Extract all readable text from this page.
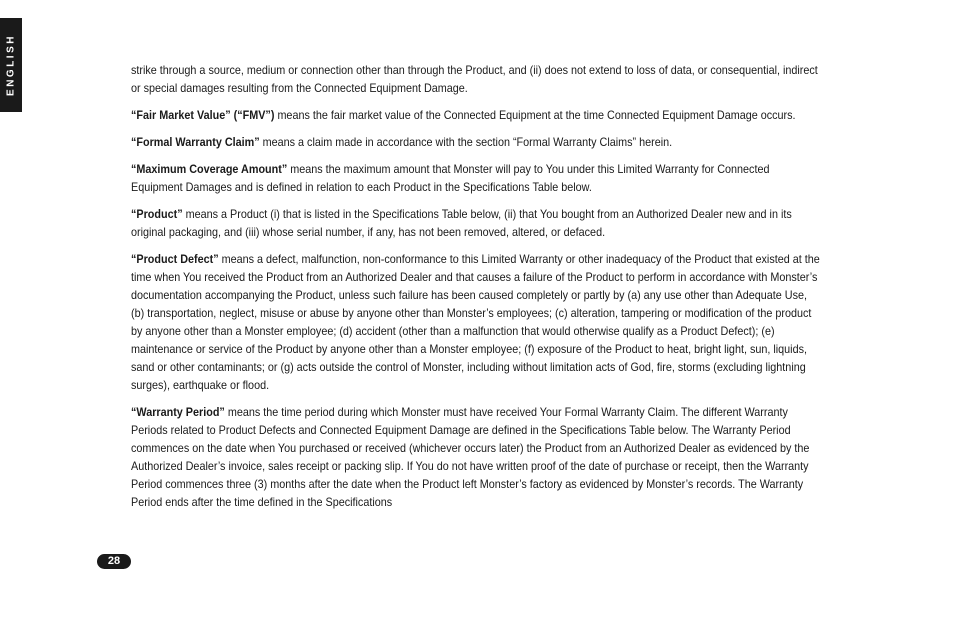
ENGLISH	strike through a source, medium or connection other than through the Product, and (ii) does not extend to loss of data, or consequential, indirect or special damages resulting from the Connected Equipment Damage.

“Fair Market Value” (“FMV”) means the fair market value of the Connected Equipment at the time Connected Equipment Damage occurs.

“Formal Warranty Claim” means a claim made in accordance with the section “Formal Warranty Claims” herein.

“Maximum Coverage Amount” means the maximum amount that Monster will pay to You under this Limited Warranty for Connected Equipment Damages and is defined in relation to each Product in the Specifications Table below.

“Product” means a Product (i) that is listed in the Specifications Table below, (ii) that You bought from an Authorized Dealer new and in its original packaging, and (iii) whose serial number, if any, has not been removed, altered, or defaced.

“Product Defect” means a defect, malfunction, non-conformance to this Limited Warranty or other inadequacy of the Product that existed at the time when You received the Product from an Authorized Dealer and that causes a failure of the Product to perform in accordance with Monster’s documentation accompanying the Product, unless such failure has been caused completely or partly by (a) any use other than Adequate Use, (b) transportation, neglect, misuse or abuse by anyone other than Monster’s employees; (c) alteration, tampering or modification of the product by anyone other than a Monster employee; (d) accident (other than a malfunction that would otherwise qualify as a Product Defect); (e) maintenance or service of the Product by anyone other than a Monster employee; (f) exposure of the Product to heat, bright light, sun, liquids, sand or other contaminants; or (g) acts outside the control of Monster, including without limitation acts of God, fire, storms (excluding lightning surges), earthquake or flood.

“Warranty Period” means the time period during which Monster must have received Your Formal Warranty Claim. The different Warranty Periods related to Product Defects and Connected Equipment Damage are defined in the Specifications Table below. The Warranty Period commences on the date when You purchased or received (whichever occurs later) the Product from an Authorized Dealer as evidenced by the Authorized Dealer’s invoice, sales receipt or packing slip. If You do not have written proof of the date of purchase or receipt, then the Warranty Period commences three (3) months after the date when the Product left Monster’s factory as evidenced by Monster’s records. The Warranty Period ends after the time defined in the Specifications

28
